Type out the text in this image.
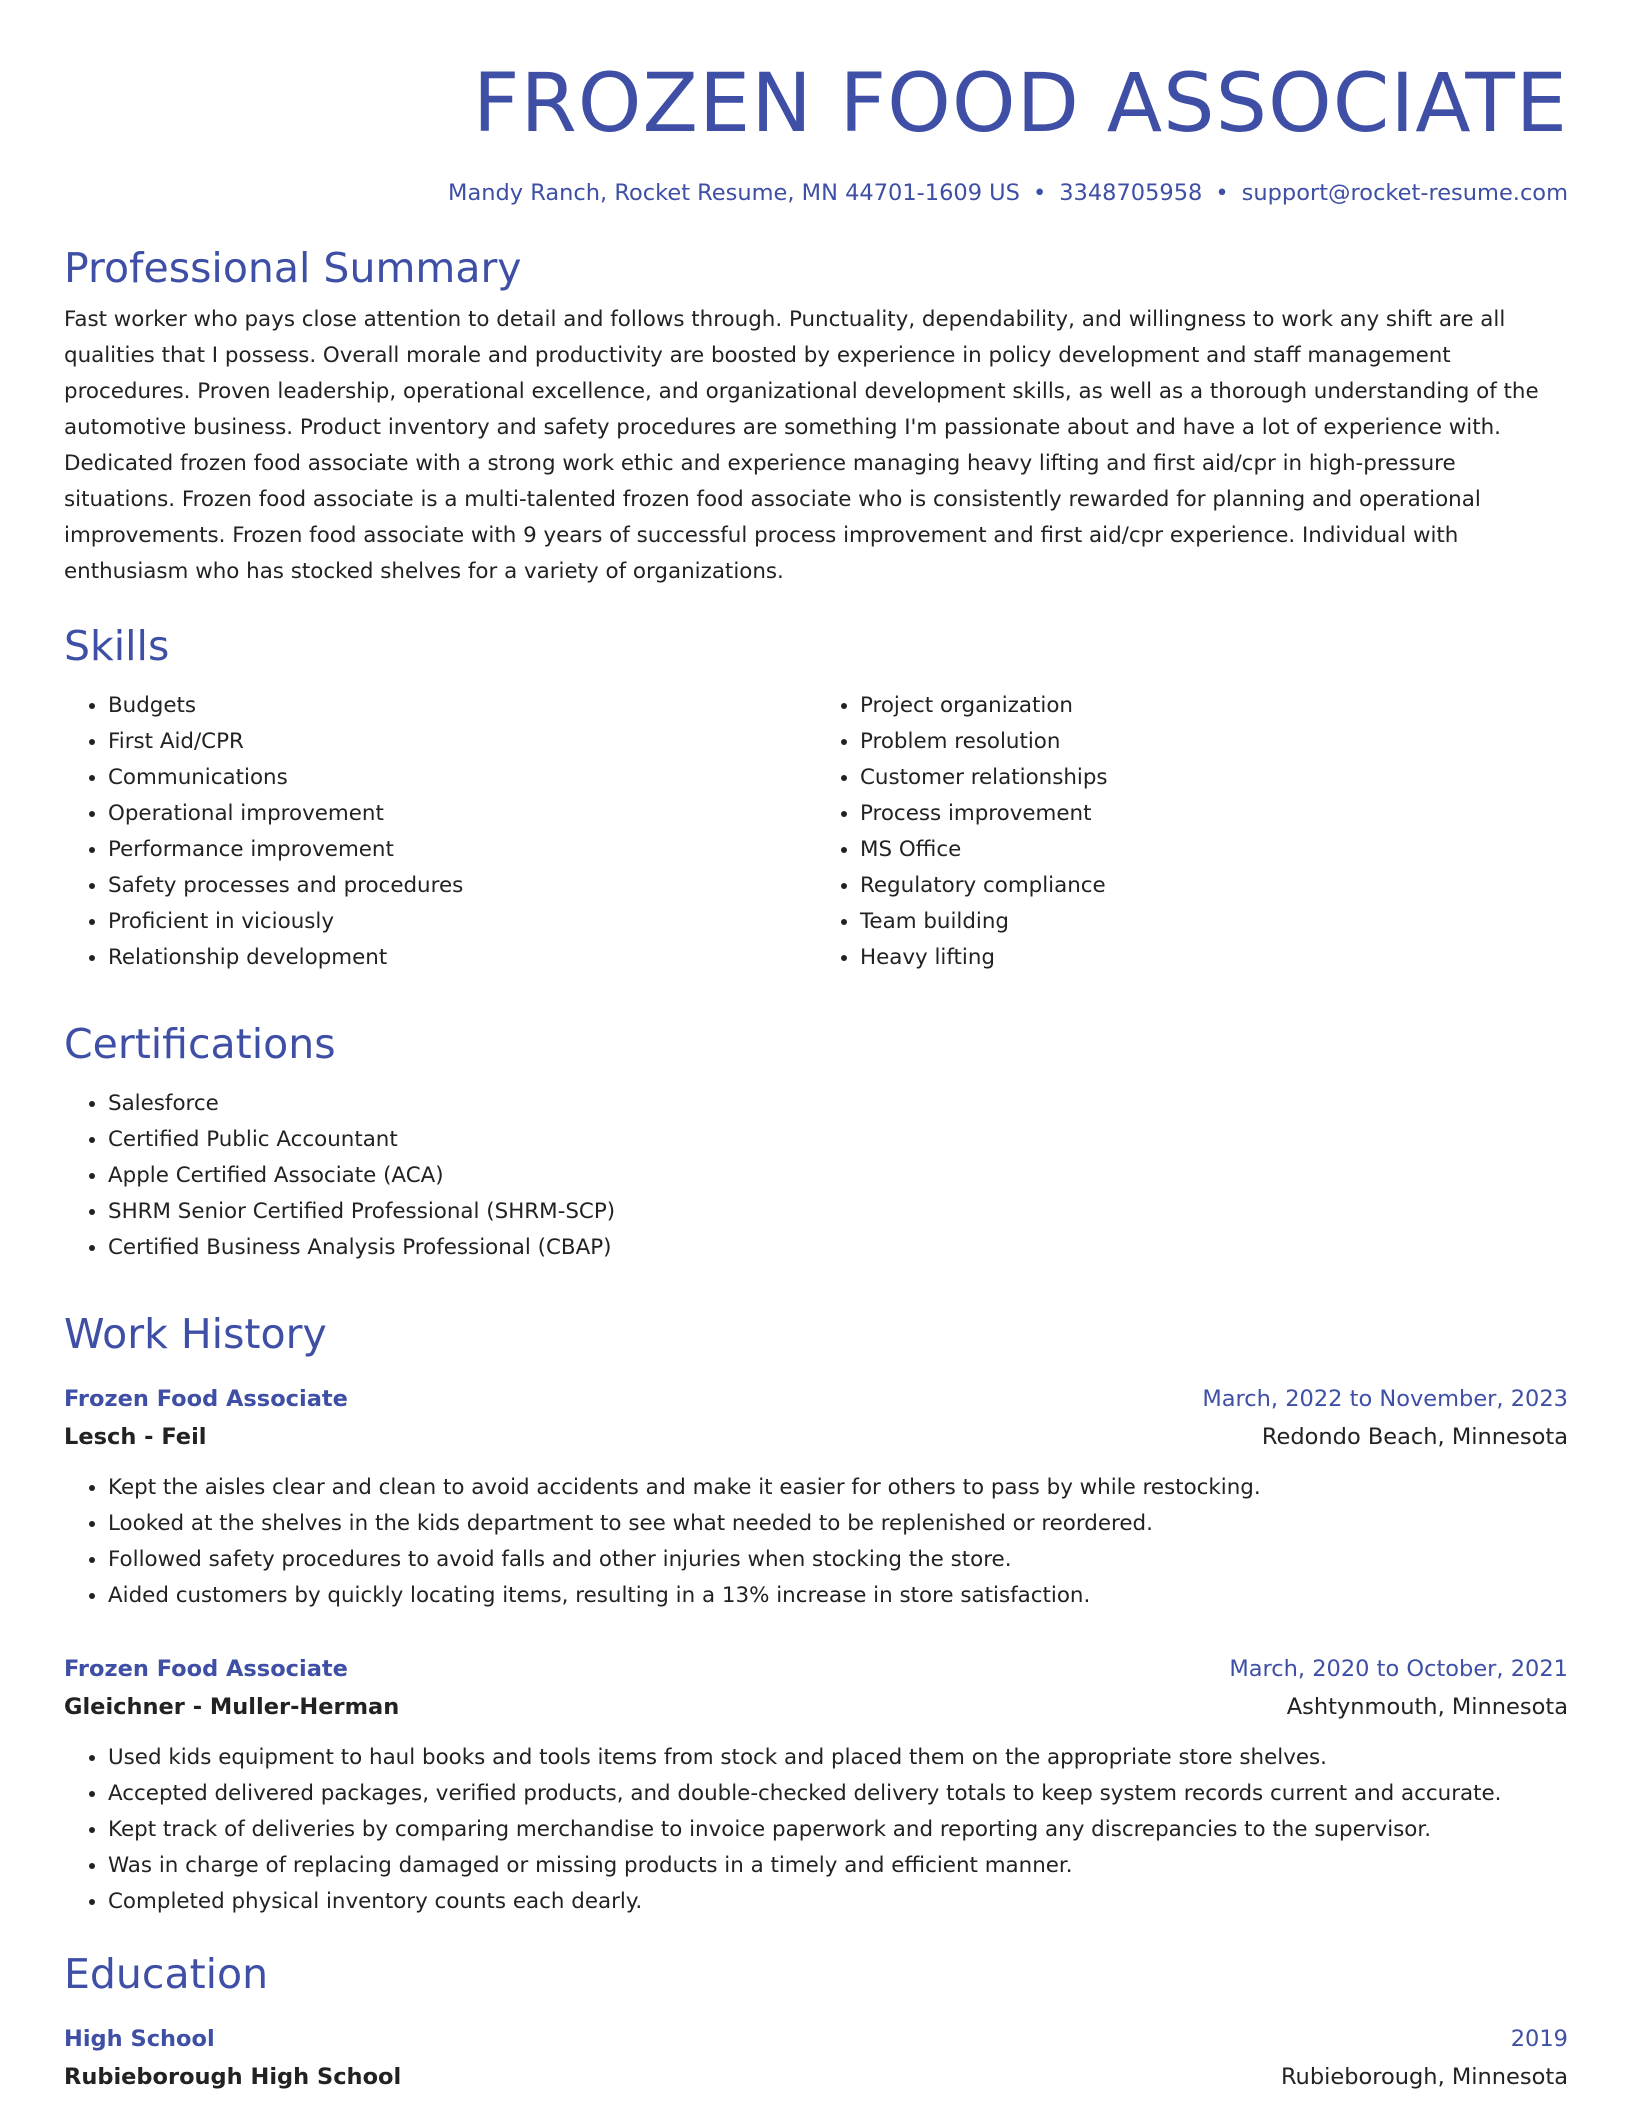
FROZEN FOOD ASSOCIATE
Mandy Ranch, Rocket Resume, MN 44701-1609 US • 3348705958 • support@rocket-resume.com
Professional Summary

Fast worker who pays close attention to detail and follows through. Punctuality, dependability, and willingness to work any shift are all qualities that I possess. Overall morale and productivity are boosted by experience in policy development and staff management procedures. Proven leadership, operational excellence, and organizational development skills, as well as a thorough understanding of the automotive business. Product inventory and safety procedures are something I'm passionate about and have a lot of experience with. Dedicated frozen food associate with a strong work ethic and experience managing heavy lifting and first aid/cpr in high-pressure situations. Frozen food associate is a multi-talented frozen food associate who is consistently rewarded for planning and operational improvements. Frozen food associate with 9 years of successful process improvement and first aid/cpr experience. Individual with enthusiasm who has stocked shelves for a variety of organizations.

Skills
• Budgets
• First Aid/CPR
• Communications
• Operational improvement
• Performance improvement
• Safety processes and procedures
• Proficient in viciously
• Relationship development
• Project organization
• Problem resolution
• Customer relationships
• Process improvement
• MS Office
• Regulatory compliance
• Team building
• Heavy lifting
Certifications
• Salesforce
• Certified Public Accountant
• Apple Certified Associate (ACA)
• SHRM Senior Certified Professional (SHRM-SCP)
• Certified Business Analysis Professional (CBAP)
Work History
Frozen Food Associate	March, 2022 to November, 2023
Lesch - Feil	Redondo Beach, Minnesota
• Kept the aisles clear and clean to avoid accidents and make it easier for others to pass by while restocking.
• Looked at the shelves in the kids department to see what needed to be replenished or reordered.
• Followed safety procedures to avoid falls and other injuries when stocking the store.
• Aided customers by quickly locating items, resulting in a 13% increase in store satisfaction.
Frozen Food Associate	March, 2020 to October, 2021
Gleichner - Muller-Herman	Ashtynmouth, Minnesota
• Used kids equipment to haul books and tools items from stock and placed them on the appropriate store shelves.
• Accepted delivered packages, verified products, and double-checked delivery totals to keep system records current and accurate.
• Kept track of deliveries by comparing merchandise to invoice paperwork and reporting any discrepancies to the supervisor.
• Was in charge of replacing damaged or missing products in a timely and efficient manner.
• Completed physical inventory counts each dearly.
Education
High School	2019
Rubieborough High School	Rubieborough, Minnesota
